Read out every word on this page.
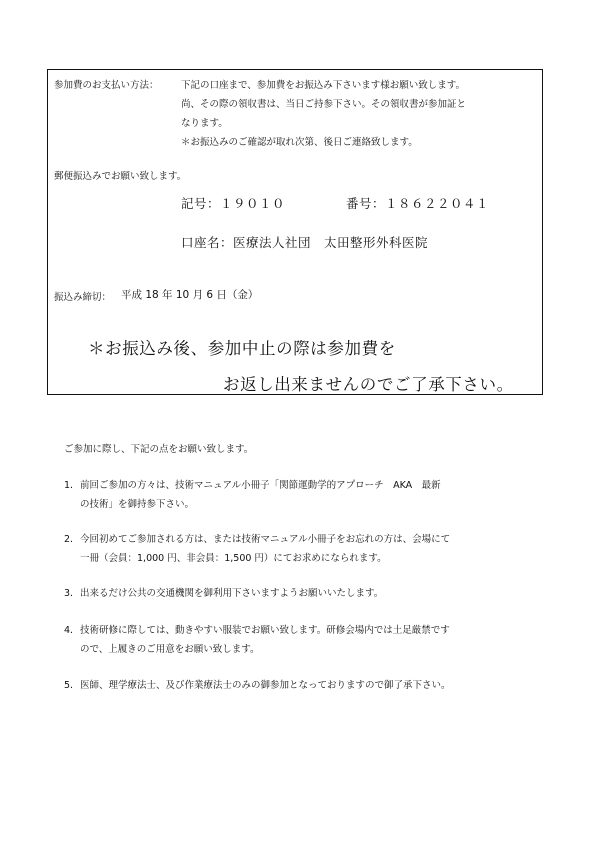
参加費のお支払い方法： 下記の口座まで、参加費をお振込み下さいます様お願い致します。
尚、その際の領収書は、当日ご持参下さい。その領収書が参加証と
なります。
＊お振込みのご確認が取れ次第、後日ご連絡致します。
郵便振込みでお願い致します。
記号：１９０１０	番号：１８６２２０４１
口座名：医療法人社団　太田整形外科医院
振込み締切： 平成 18 年 10 月 6 日（金）
＊お振込み後、参加中止の際は参加費を
お返し出来ませんのでご了承下さい。
ご参加に際し、下記の点をお願い致します。
1． 前回ご参加の方々は、技術マニュアル小冊子「関節運動学的アプローチ　AKA　最新
の技術」を御持参下さい。
2． 今回初めてご参加される方は、または技術マニュアル小冊子をお忘れの方は、会場にて
一冊（会員：1,000 円、非会員：1,500 円）にてお求めになられます。
3． 出来るだけ公共の交通機関を御利用下さいますようお願いいたします。
4． 技術研修に際しては、動きやすい服装でお願い致します。研修会場内では土足厳禁です
ので、上履きのご用意をお願い致します。
5． 医師、理学療法士、及び作業療法士のみの御参加となっておりますので御了承下さい。
